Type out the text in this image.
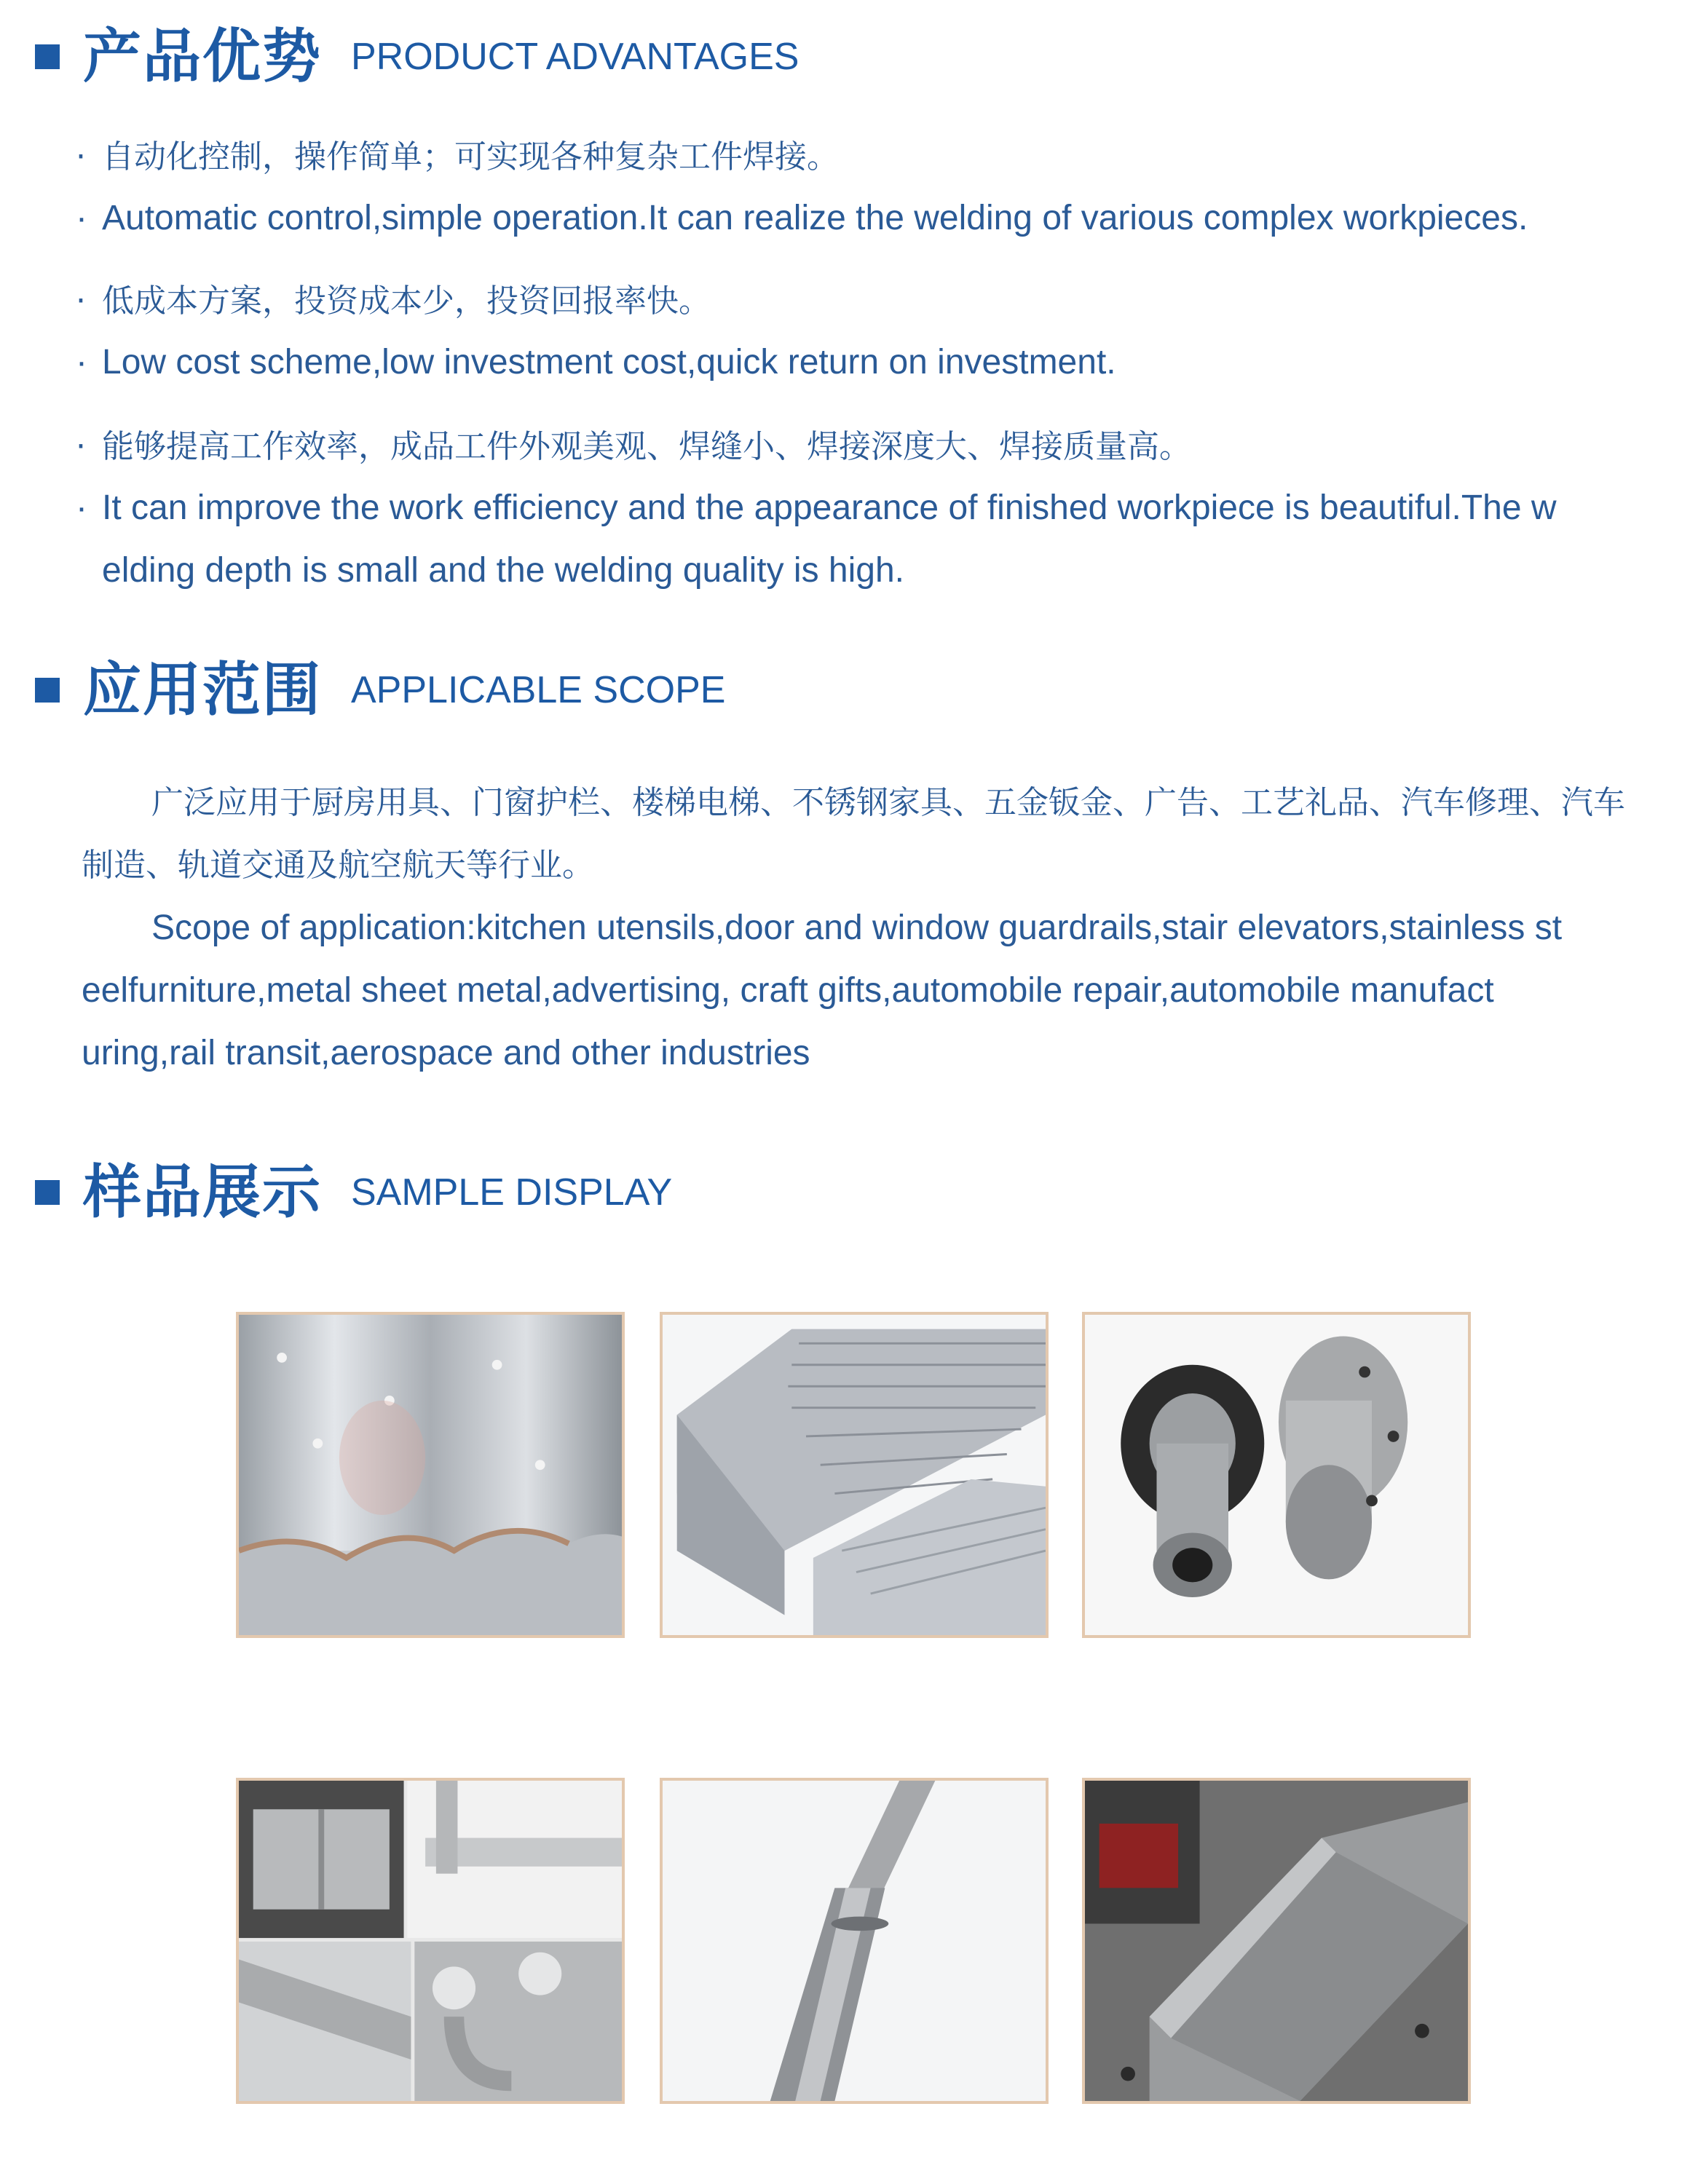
产品优势 PRODUCT ADVANTAGES
· 自动化控制，操作简单；可实现各种复杂工件焊接。
· Automatic control,simple operation.It can realize the welding of various complex workpieces.
· 低成本方案，投资成本少，投资回报率快。
· Low cost scheme,low investment cost,quick return on investment.
· 能够提高工作效率，成品工件外观美观、焊缝小、焊接深度大、焊接质量高。
· It can improve the work efficiency and the appearance of finished workpiece is beautiful.The w
elding depth is small and the welding quality is high.
应用范围 APPLICABLE SCOPE
广泛应用于厨房用具、门窗护栏、楼梯电梯、不锈钢家具、五金钣金、广告、工艺礼品、汽车修理、汽车
制造、轨道交通及航空航天等行业。
Scope of application:kitchen utensils,door and window guardrails,stair elevators,stainless st
eelfurniture,metal sheet metal,advertising, craft gifts,automobile repair,automobile manufact
uring,rail transit,aerospace and other industries
样品展示 SAMPLE DISPLAY
